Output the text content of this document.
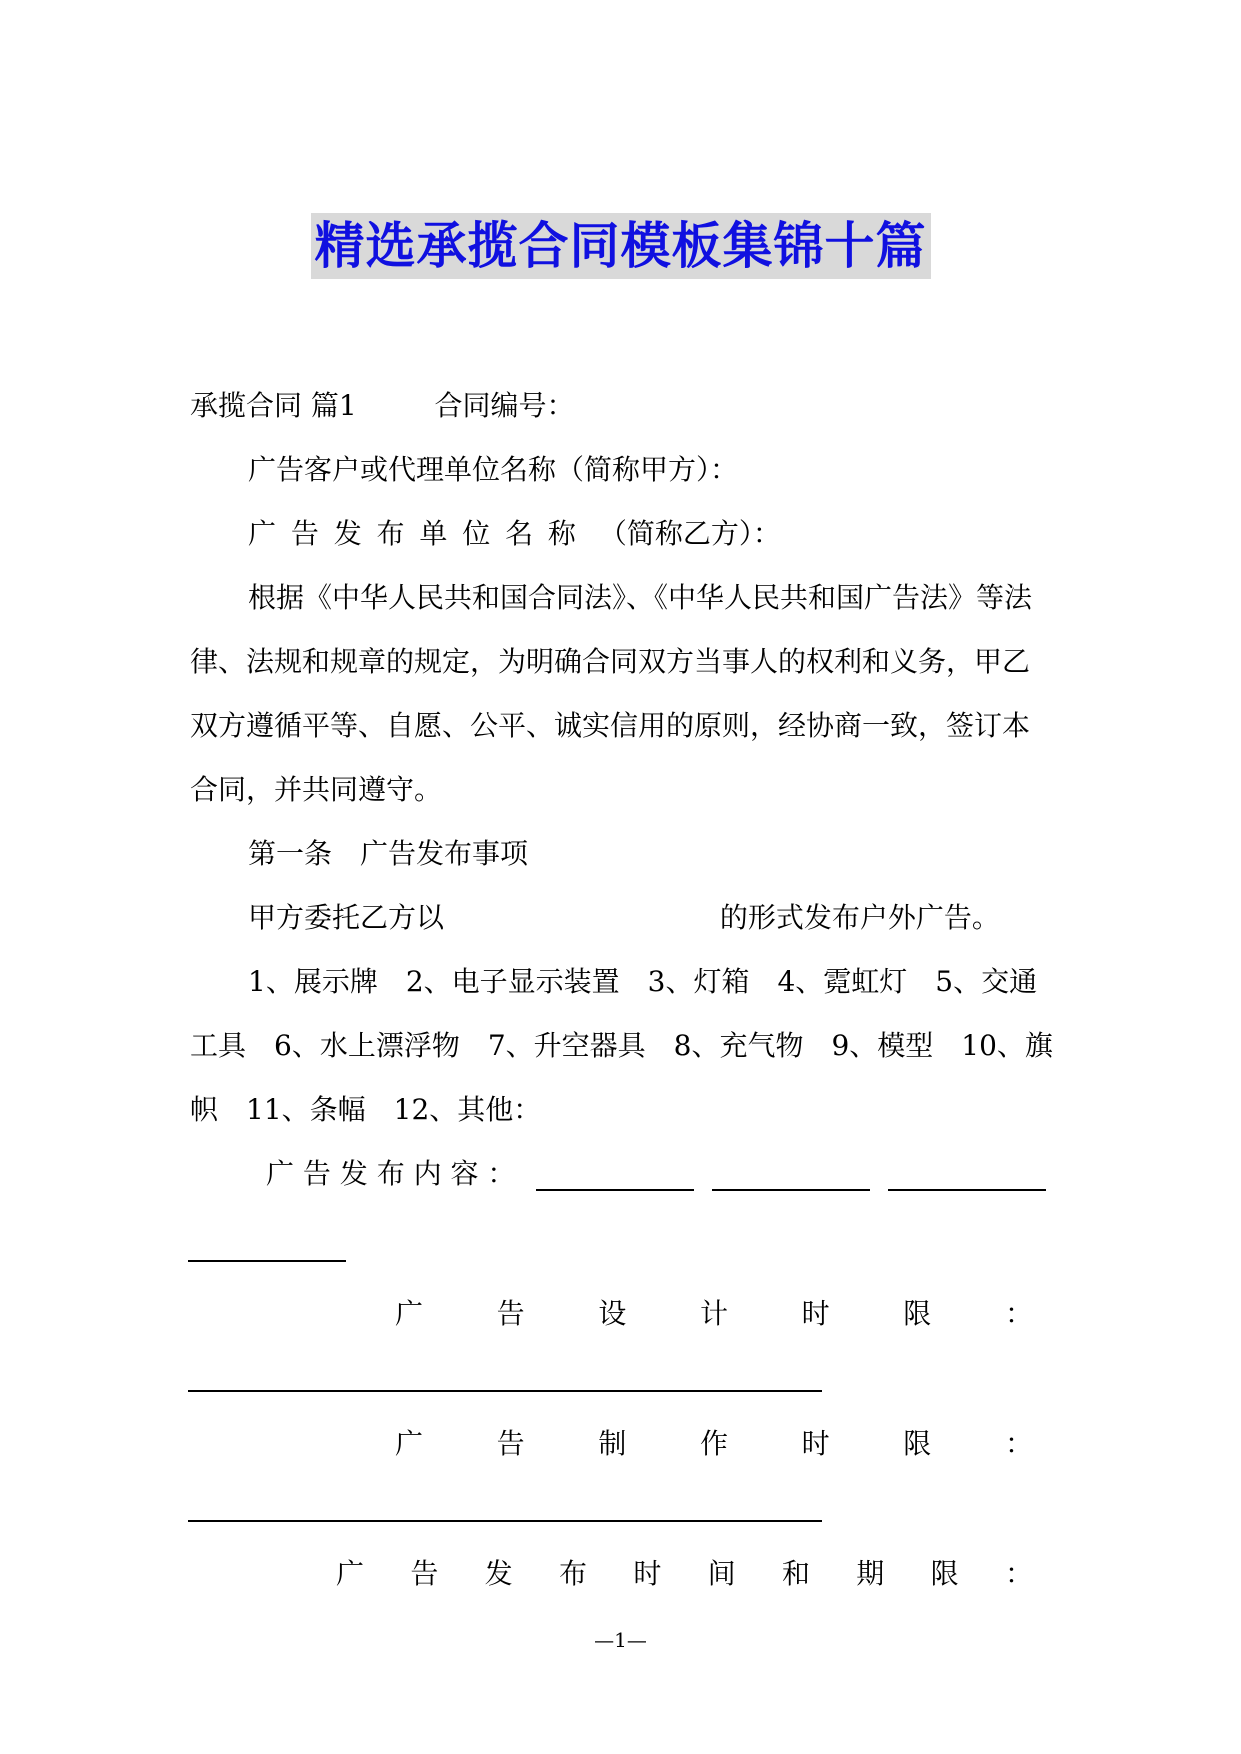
精选承揽合同模板集锦十篇
承揽合同 篇1	合同编号：
广告客户或代理单位名称（简称甲方）：
广 告 发 布 单 位 名 称 （简称乙方）：
根据《中华人民共和国合同法》、《中华人民共和国广告法》等法
律、法规和规章的规定，为明确合同双方当事人的权利和义务，甲乙
双方遵循平等、自愿、公平、诚实信用的原则，经协商一致，签订本
合同，并共同遵守。
第一条　广告发布事项
甲方委托乙方以	的形式发布户外广告。
1、展示牌　2、电子显示装置　3、灯箱　4、霓虹灯　5、交通
工具　6、水上漂浮物　7、升空器具　8、充气物　9、模型　10、旗
帜　11、条幅　12、其他：
广 告 发 布 内 容 ：
广	告	设	计	时	限	：
广	告	制	作	时	限	：
广 告 发 布 时 间 和 期 限 ：
—1—
